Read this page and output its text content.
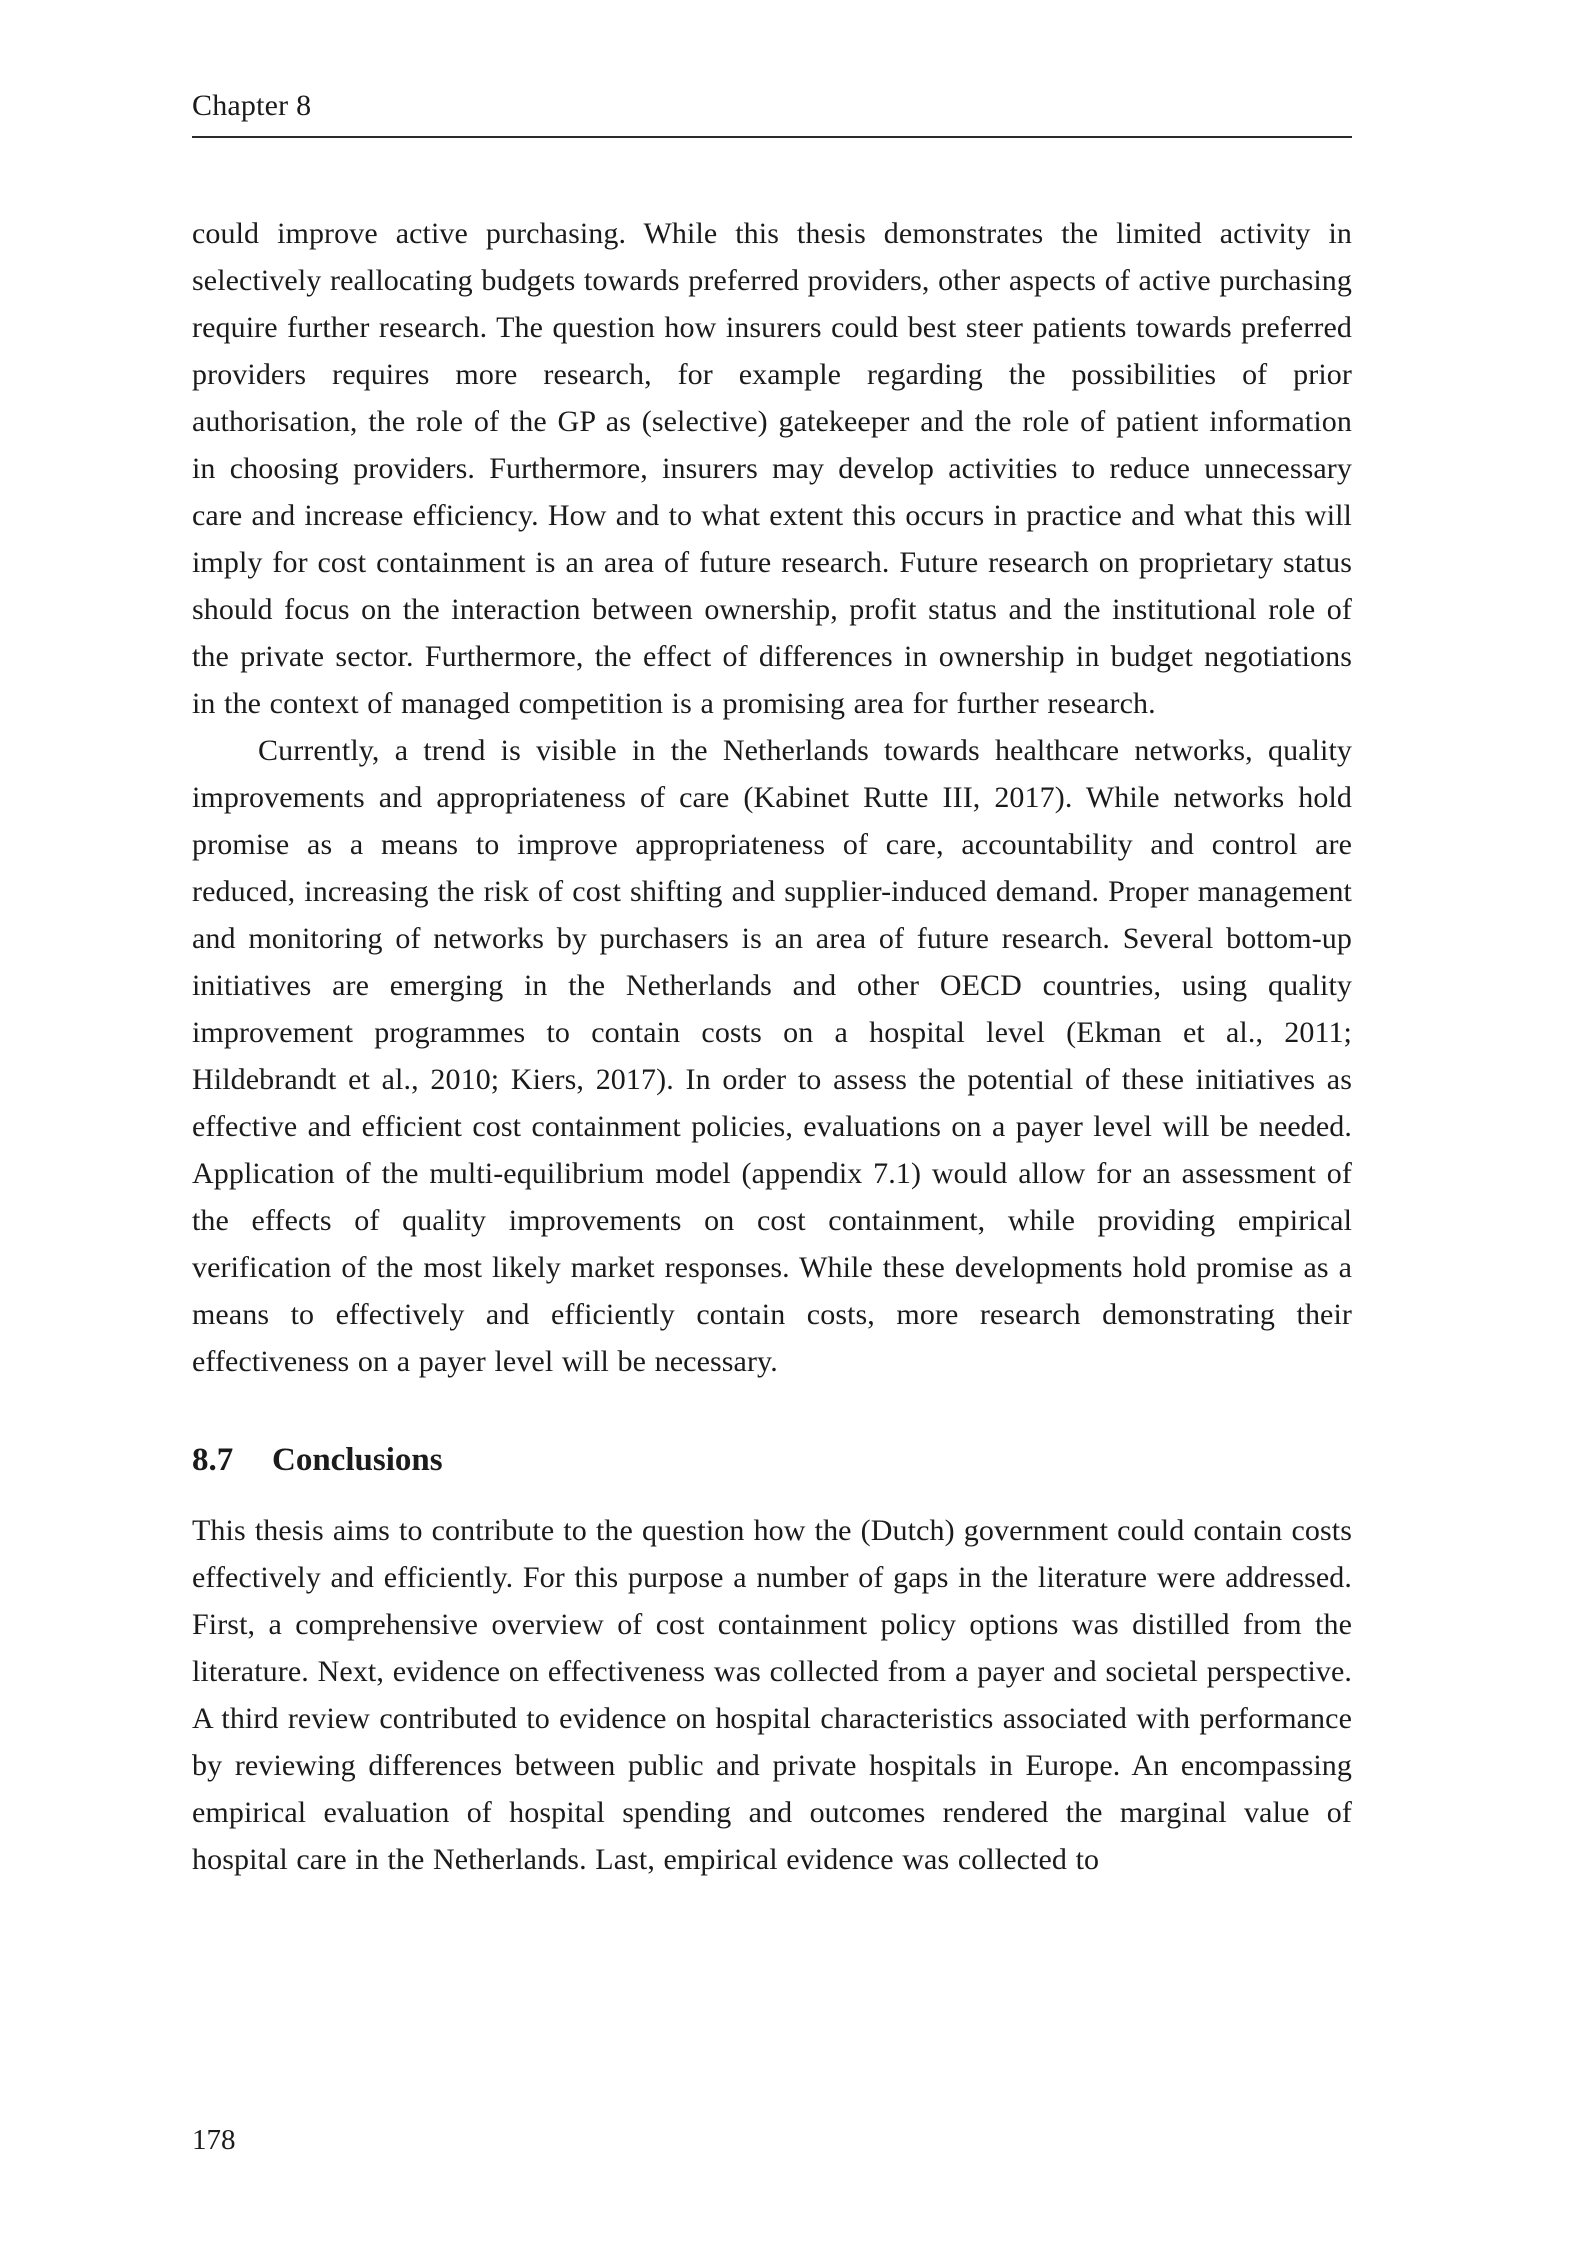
Chapter 8

could improve active purchasing. While this thesis demonstrates the limited activity in selectively reallocating budgets towards preferred providers, other aspects of active purchasing require further research. The question how insurers could best steer patients towards preferred providers requires more research, for example regarding the possibilities of prior authorisation, the role of the GP as (selective) gatekeeper and the role of patient information in choosing providers. Furthermore, insurers may develop activities to reduce unnecessary care and increase efficiency. How and to what extent this occurs in practice and what this will imply for cost containment is an area of future research. Future research on proprietary status should focus on the interaction between ownership, profit status and the institutional role of the private sector. Furthermore, the effect of differences in ownership in budget negotiations in the context of managed competition is a promising area for further research.

Currently, a trend is visible in the Netherlands towards healthcare networks, quality improvements and appropriateness of care (Kabinet Rutte III, 2017). While networks hold promise as a means to improve appropriateness of care, accountability and control are reduced, increasing the risk of cost shifting and supplier-induced demand. Proper management and monitoring of networks by purchasers is an area of future research. Several bottom-up initiatives are emerging in the Netherlands and other OECD countries, using quality improvement programmes to contain costs on a hospital level (Ekman et al., 2011; Hildebrandt et al., 2010; Kiers, 2017). In order to assess the potential of these initiatives as effective and efficient cost containment policies, evaluations on a payer level will be needed. Application of the multi-equilibrium model (appendix 7.1) would allow for an assessment of the effects of quality improvements on cost containment, while providing empirical verification of the most likely market responses. While these developments hold promise as a means to effectively and efficiently contain costs, more research demonstrating their effectiveness on a payer level will be necessary.

8.7	Conclusions

This thesis aims to contribute to the question how the (Dutch) government could contain costs effectively and efficiently. For this purpose a number of gaps in the literature were addressed. First, a comprehensive overview of cost containment policy options was distilled from the literature. Next, evidence on effectiveness was collected from a payer and societal perspective. A third review contributed to evidence on hospital characteristics associated with performance by reviewing differences between public and private hospitals in Europe. An encompassing empirical evaluation of hospital spending and outcomes rendered the marginal value of hospital care in the Netherlands. Last, empirical evidence was collected to

178
